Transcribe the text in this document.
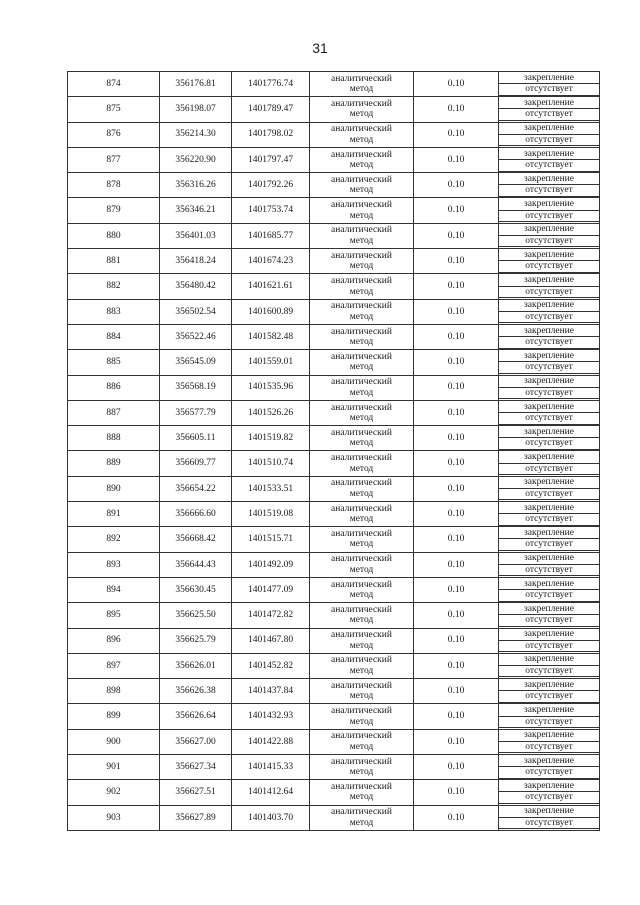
31
874	356176.81	1401776.74	аналитический
метод	0.10	закрепление
отсутствует

875	356198.07	1401789.47	аналитический
метод	0.10	закрепление
отсутствует

876	356214.30	1401798.02	аналитический
метод	0.10	закрепление
отсутствует

877	356220.90	1401797.47	аналитический
метод	0.10	закрепление
отсутствует

878	356316.26	1401792.26	аналитический
метод	0.10	закрепление
отсутствует

879	356346.21	1401753.74	аналитический
метод	0.10	закрепление
отсутствует

880	356401.03	1401685.77	аналитический
метод	0.10	закрепление
отсутствует

881	356418.24	1401674.23	аналитический
метод	0.10	закрепление
отсутствует

882	356480.42	1401621.61	аналитический
метод	0.10	закрепление
отсутствует

883	356502.54	1401600.89	аналитический
метод	0.10	закрепление
отсутствует

884	356522.46	1401582.48	аналитический
метод	0.10	закрепление
отсутствует

885	356545.09	1401559.01	аналитический
метод	0.10	закрепление
отсутствует

886	356568.19	1401535.96	аналитический
метод	0.10	закрепление
отсутствует

887	356577.79	1401526.26	аналитический
метод	0.10	закрепление
отсутствует

888	356605.11	1401519.82	аналитический
метод	0.10	закрепление
отсутствует

889	356609.77	1401510.74	аналитический
метод	0.10	закрепление
отсутствует

890	356654.22	1401533.51	аналитический
метод	0.10	закрепление
отсутствует

891	356666.60	1401519.08	аналитический
метод	0.10	закрепление
отсутствует

892	356668.42	1401515.71	аналитический
метод	0.10	закрепление
отсутствует

893	356644.43	1401492.09	аналитический
метод	0.10	закрепление
отсутствует

894	356630.45	1401477.09	аналитический
метод	0.10	закрепление
отсутствует

895	356625.50	1401472.82	аналитический
метод	0.10	закрепление
отсутствует

896	356625.79	1401467.80	аналитический
метод	0.10	закрепление
отсутствует

897	356626.01	1401452.82	аналитический
метод	0.10	закрепление
отсутствует

898	356626.38	1401437.84	аналитический
метод	0.10	закрепление
отсутствует

899	356626.64	1401432.93	аналитический
метод	0.10	закрепление
отсутствует

900	356627.00	1401422.88	аналитический
метод	0.10	закрепление
отсутствует

901	356627.34	1401415.33	аналитический
метод	0.10	закрепление
отсутствует

902	356627.51	1401412.64	аналитический
метод	0.10	закрепление
отсутствует

903	356627.89	1401403.70	аналитический
метод	0.10	закрепление
отсутствует
